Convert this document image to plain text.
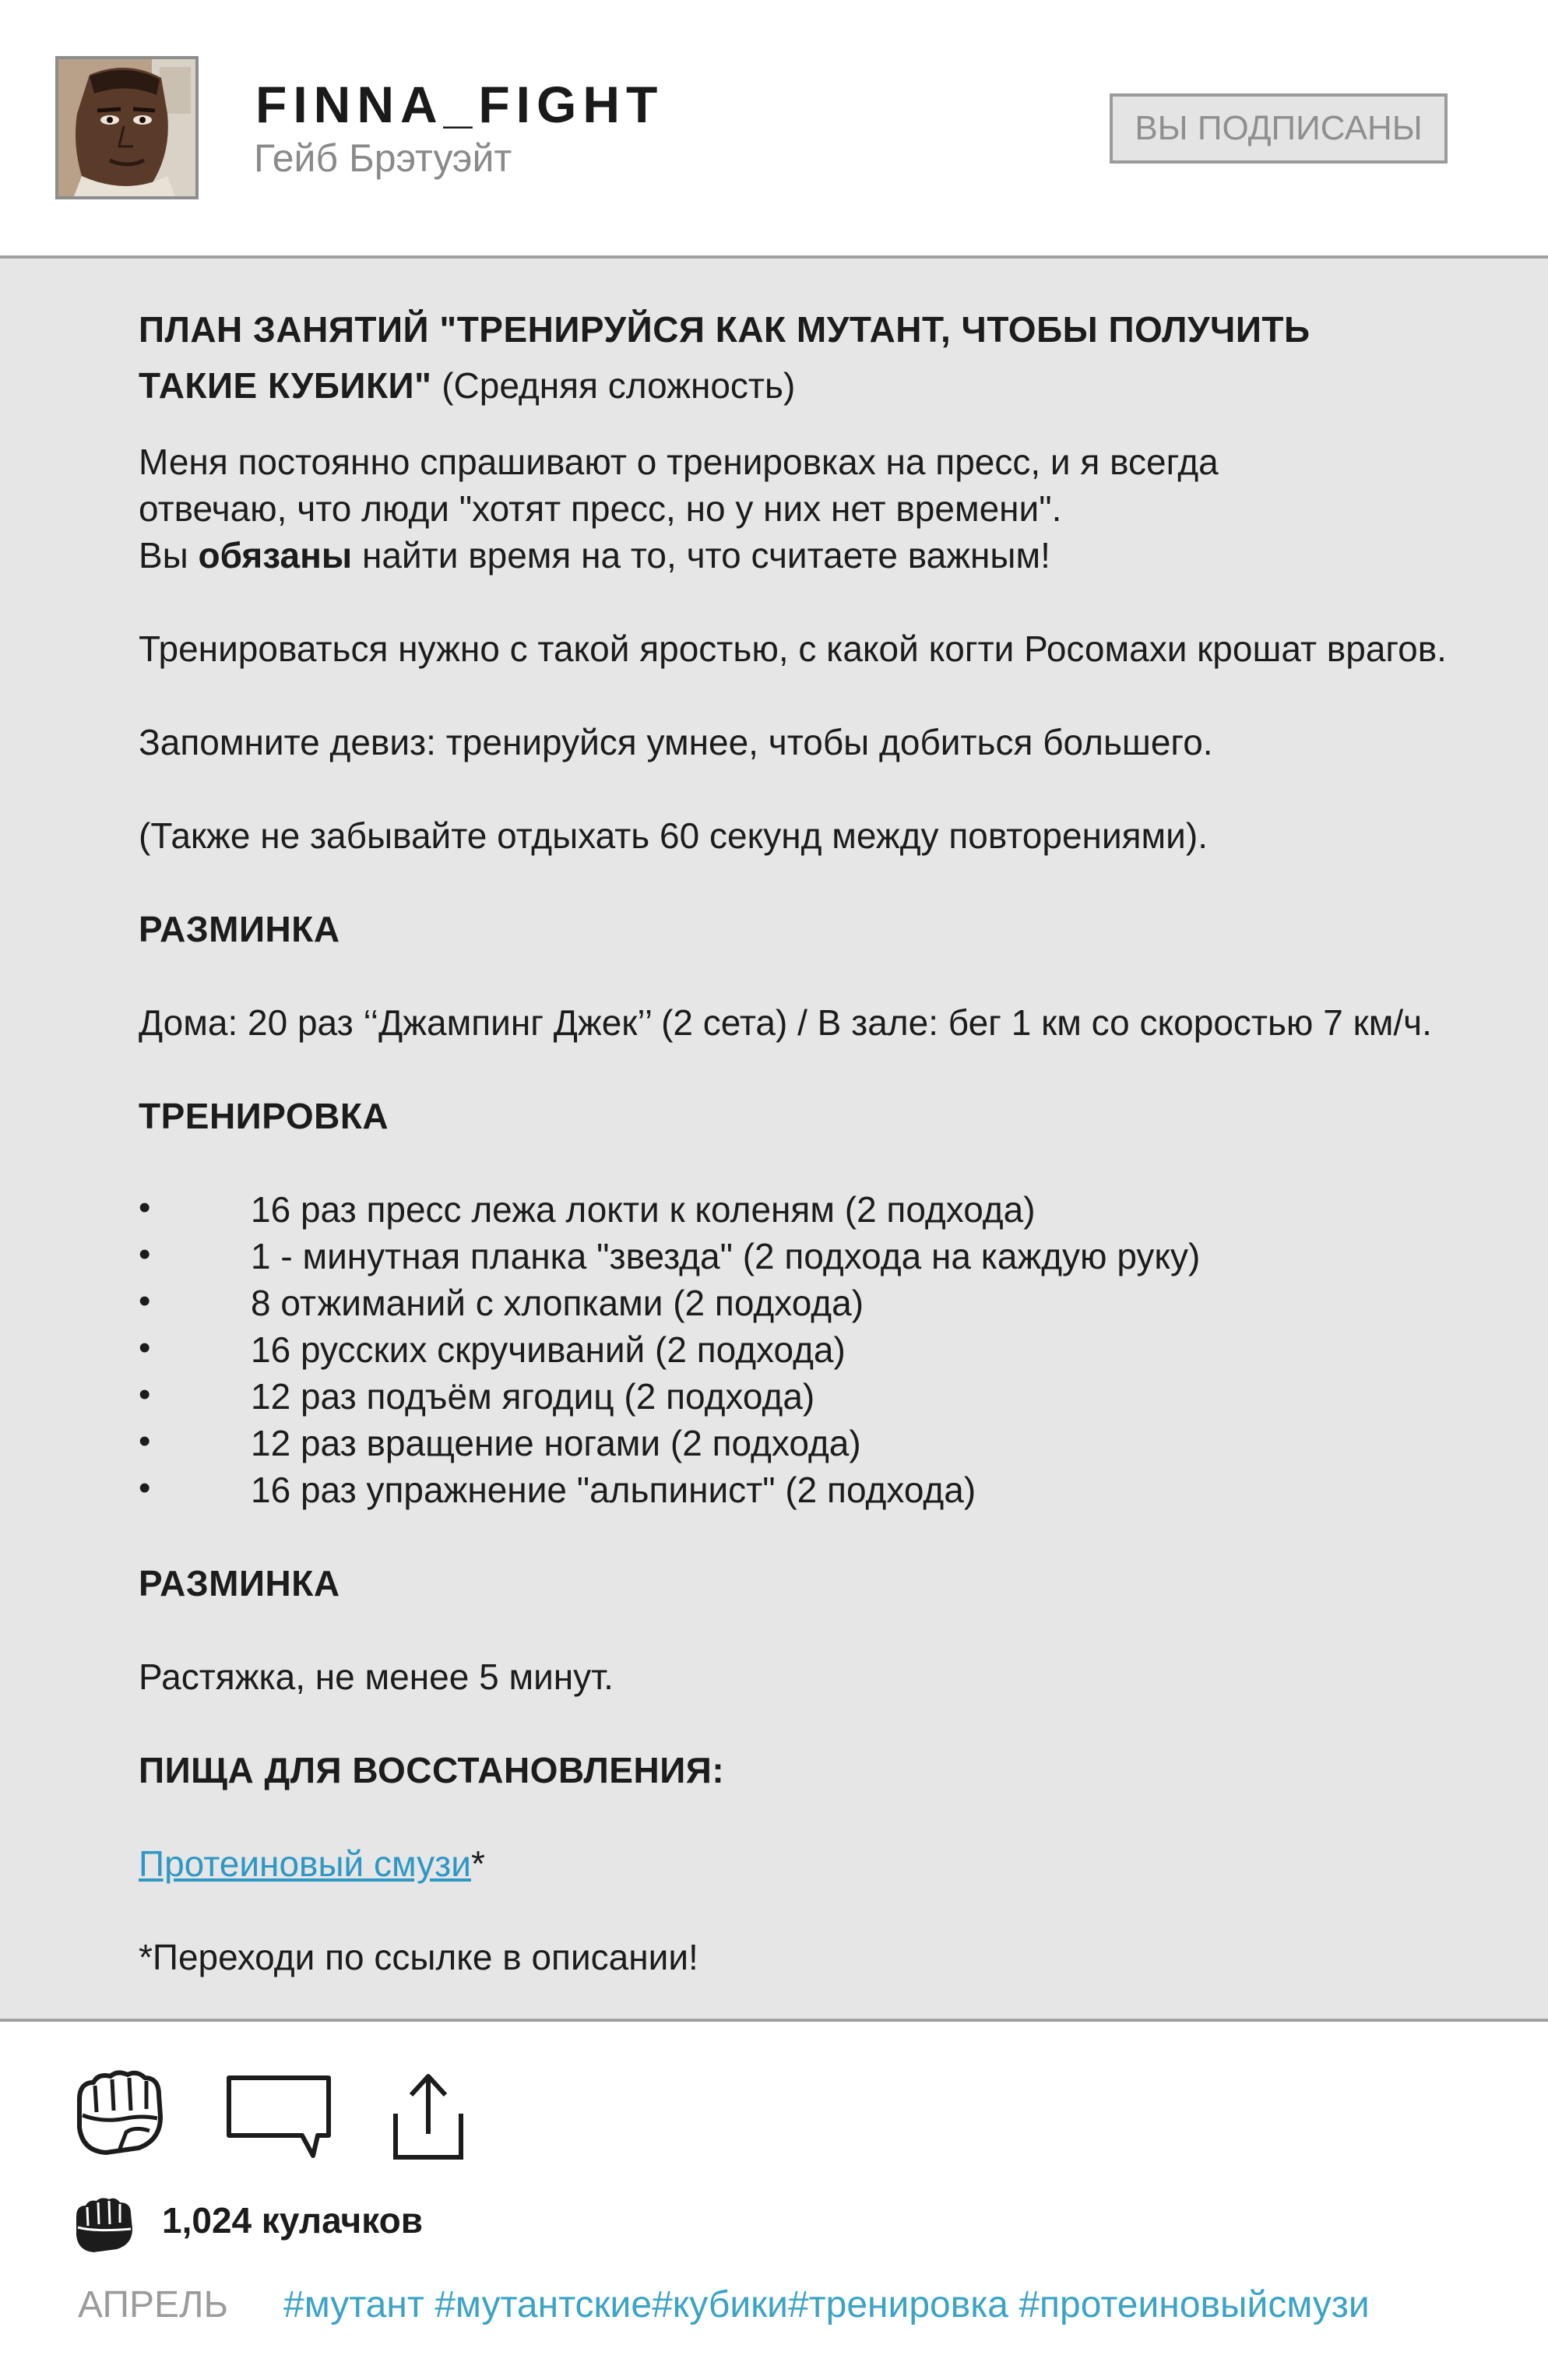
FINNA_FIGHT
Гейб Брэтуэйт
ВЫ ПОДПИСАНЫ
ПЛАН ЗАНЯТИЙ "ТРЕНИРУЙСЯ КАК МУТАНТ, ЧТОБЫ ПОЛУЧИТЬ
ТАКИЕ КУБИКИ" (Средняя сложность)
Меня постоянно спрашивают о тренировках на пресс, и я всегда
отвечаю, что люди "хотят пресс, но у них нет времени".
Вы обязаны найти время на то, что считаете важным!
Тренироваться нужно с такой яростью, с какой когти Росомахи крошат врагов.
Запомните девиз: тренируйся умнее, чтобы добиться большего.
(Также не забывайте отдыхать 60 секунд между повторениями).
РАЗМИНКА
Дома: 20 раз ‘‘Джампинг Джек’’ (2 сета) / В зале: бег 1 км со скоростью 7 км/ч.
ТРЕНИРОВКА
•	16 раз пресс лежа локти к коленям (2 подхода)
•	1 - минутная планка "звезда" (2 подхода на каждую руку)
•	8 отжиманий с хлопками (2 подхода)
•	16 русских скручиваний (2 подхода)
•	12 раз подъём ягодиц (2 подхода)
•	12 раз вращение ногами (2 подхода)
•	16 раз упражнение "альпинист" (2 подхода)
РАЗМИНКА
Растяжка, не менее 5 минут.
ПИЩА ДЛЯ ВОССТАНОВЛЕНИЯ:
Протеиновый смузи*
*Переходи по ссылке в описании!
1,024 кулачков
АПРЕЛЬ #мутант #мутантские#кубики#тренировка #протеиновыйсмузи
